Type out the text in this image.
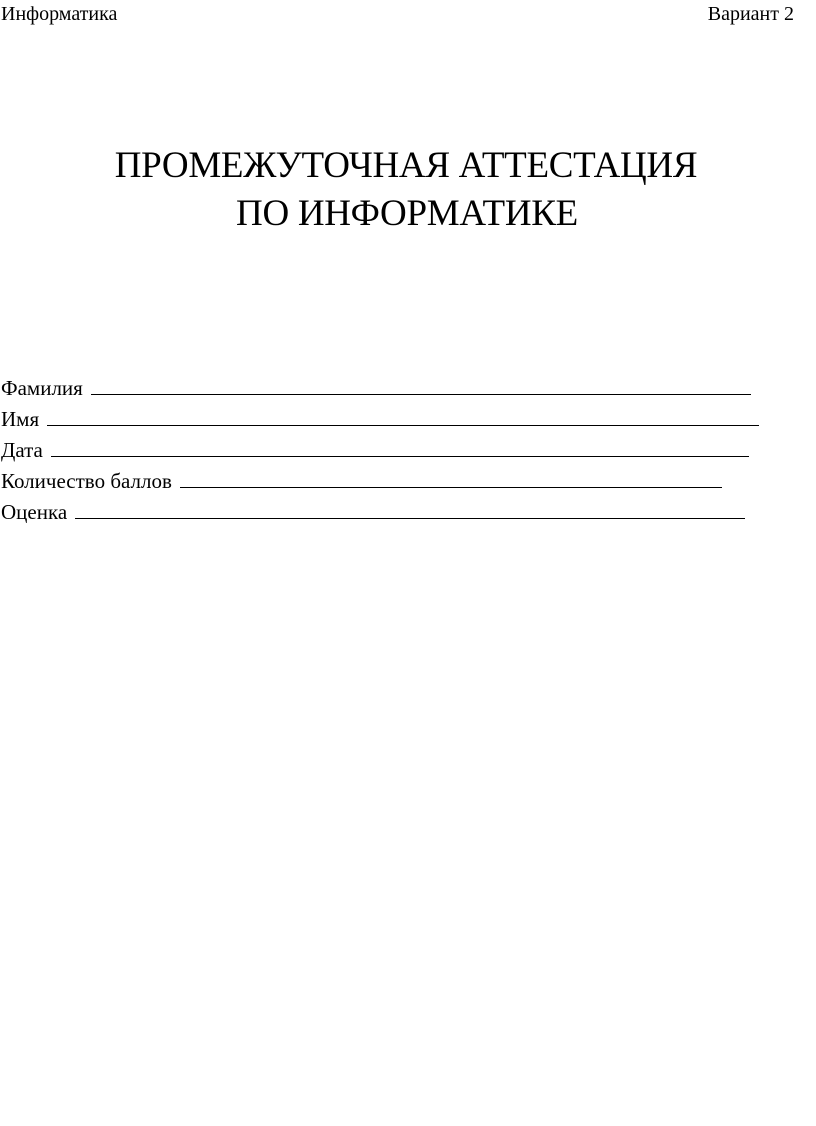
Информатика	Вариант 2
ПРОМЕЖУТОЧНАЯ АТТЕСТАЦИЯ
ПО ИНФОРМАТИКЕ
Фамилия
Имя
Дата
Количество баллов
Оценка
